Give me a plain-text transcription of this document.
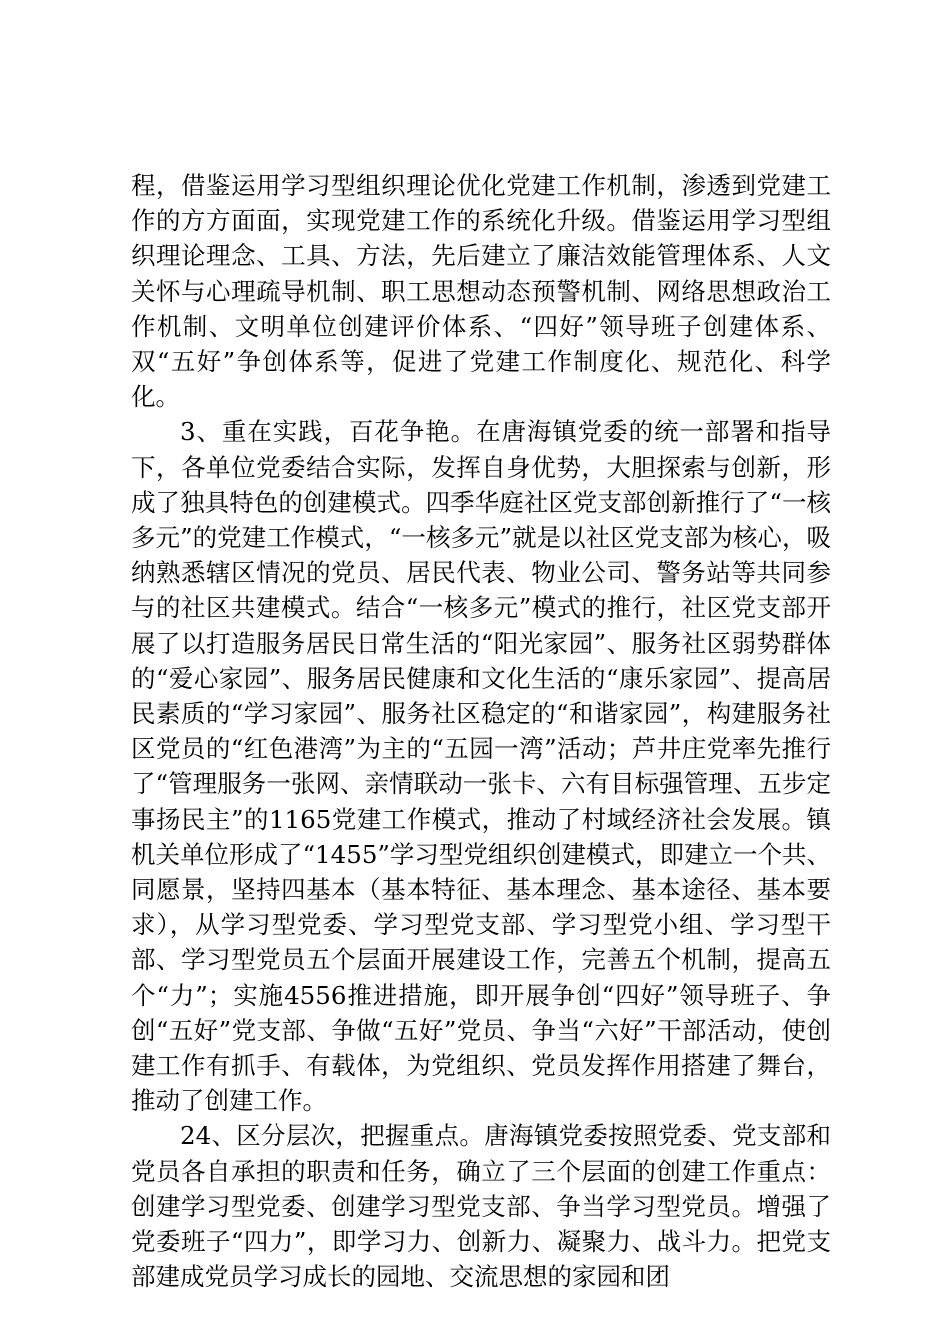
程，借鉴运用学习型组织理论优化党建工作机制，渗透到党建工作的方方面面，实现党建工作的系统化升级。借鉴运用学习型组织理论理念、工具、方法，先后建立了廉洁效能管理体系、人文关怀与心理疏导机制、职工思想动态预警机制、网络思想政治工作机制、文明单位创建评价体系、“四好”领导班子创建体系、双“五好”争创体系等，促进了党建工作制度化、规范化、科学化。

3、重在实践，百花争艳。在唐海镇党委的统一部署和指导下，各单位党委结合实际，发挥自身优势，大胆探索与创新，形成了独具特色的创建模式。四季华庭社区党支部创新推行了“一核多元”的党建工作模式，“一核多元”就是以社区党支部为核心，吸纳熟悉辖区情况的党员、居民代表、物业公司、警务站等共同参与的社区共建模式。结合“一核多元”模式的推行，社区党支部开展了以打造服务居民日常生活的“阳光家园”、服务社区弱势群体的“爱心家园”、服务居民健康和文化生活的“康乐家园”、提高居民素质的“学习家园”、服务社区稳定的“和谐家园”，构建服务社区党员的“红色港湾”为主的“五园一湾”活动；芦井庄党率先推行了“管理服务一张网、亲情联动一张卡、六有目标强管理、五步定事扬民主”的1165党建工作模式，推动了村域经济社会发展。镇机关单位形成了“1455”学习型党组织创建模式，即建立一个共、同愿景，坚持四基本（基本特征、基本理念、基本途径、基本要求），从学习型党委、学习型党支部、学习型党小组、学习型干部、学习型党员五个层面开展建设工作，完善五个机制，提高五个“力”；实施4556推进措施，即开展争创“四好”领导班子、争创“五好”党支部、争做“五好”党员、争当“六好”干部活动，使创建工作有抓手、有载体，为党组织、党员发挥作用搭建了舞台，推动了创建工作。

24、区分层次，把握重点。唐海镇党委按照党委、党支部和党员各自承担的职责和任务，确立了三个层面的创建工作重点：创建学习型党委、创建学习型党支部、争当学习型党员。增强了党委班子“四力”，即学习力、创新力、凝聚力、战斗力。把党支部建成党员学习成长的园地、交流思想的家园和团
